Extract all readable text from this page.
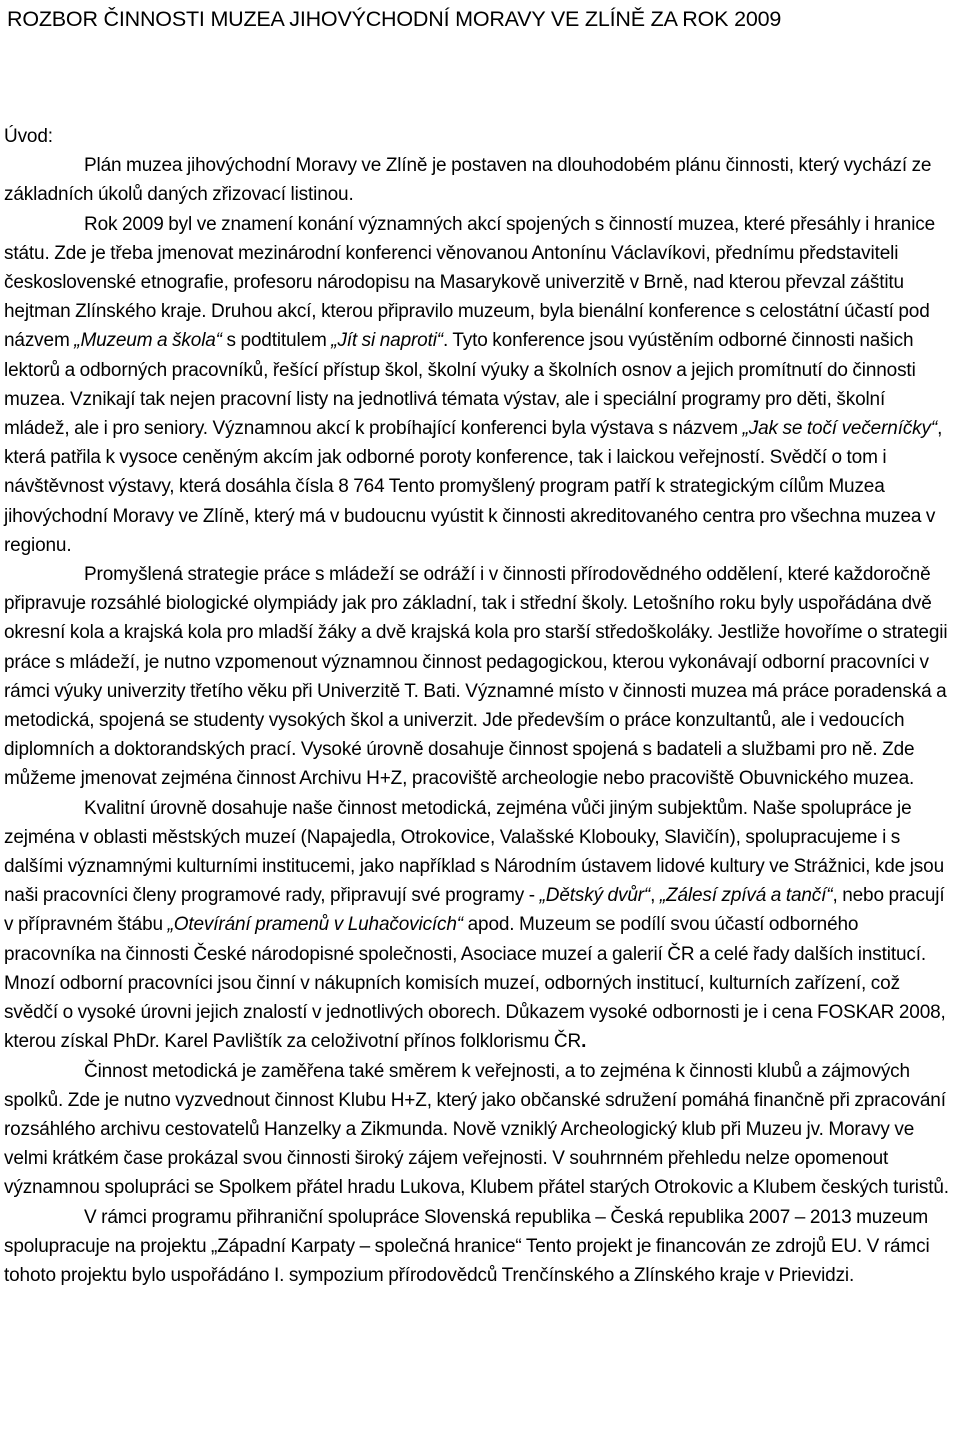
ROZBOR ČINNOSTI MUZEA JIHOVÝCHODNÍ MORAVY VE ZLÍNĚ ZA ROK 2009
Úvod:

Plán muzea jihovýchodní Moravy ve Zlíně je postaven na dlouhodobém plánu činnosti, který vychází ze základních úkolů daných zřizovací listinou.

Rok 2009 byl ve znamení konání významných akcí spojených s činností muzea, které přesáhly i hranice státu. Zde je třeba jmenovat mezinárodní konferenci věnovanou Antonínu Václavíkovi, přednímu představiteli československé etnografie, profesoru národopisu na Masarykově univerzitě v Brně, nad kterou převzal záštitu hejtman Zlínského kraje. Druhou akcí, kterou připravilo muzeum, byla bienální konference s celostátní účastí pod názvem „Muzeum a škola“ s podtitulem „Jít si naproti“. Tyto konference jsou vyústěním odborné činnosti našich lektorů a odborných pracovníků, řešící přístup škol, školní výuky a školních osnov a jejich promítnutí do činnosti muzea. Vznikají tak nejen pracovní listy na jednotlivá témata výstav, ale i speciální programy pro děti, školní mládež, ale i pro seniory. Významnou akcí k probíhající konferenci byla výstava s názvem „Jak se točí večerníčky“, která patřila k vysoce ceněným akcím jak odborné poroty konference, tak i laickou veřejností. Svědčí o tom i návštěvnost výstavy, která dosáhla čísla 8 764 Tento promyšlený program patří k strategickým cílům Muzea jihovýchodní Moravy ve Zlíně, který má v budoucnu vyústit k činnosti akreditovaného centra pro všechna muzea v regionu.

Promyšlená strategie práce s mládeží se odráží i v činnosti přírodovědného oddělení, které každoročně připravuje rozsáhlé biologické olympiády jak pro základní, tak i střední školy. Letošního roku byly uspořádána dvě okresní kola a krajská kola pro mladší žáky a dvě krajská kola pro starší středoškoláky. Jestliže hovoříme o strategii práce s mládeží, je nutno vzpomenout významnou činnost pedagogickou, kterou vykonávají odborní pracovníci v rámci výuky univerzity třetího věku při Univerzitě T. Bati. Významné místo v činnosti muzea má práce poradenská a metodická, spojená se studenty vysokých škol a univerzit. Jde především o práce konzultantů, ale i vedoucích diplomních a doktorandských prací. Vysoké úrovně dosahuje činnost spojená s badateli a službami pro ně. Zde můžeme jmenovat zejména činnost Archivu H+Z, pracoviště archeologie nebo pracoviště Obuvnického muzea.

Kvalitní úrovně dosahuje naše činnost metodická, zejména vůči jiným subjektům. Naše spolupráce je zejména v oblasti městských muzeí (Napajedla, Otrokovice, Valašské Klobouky, Slavičín), spolupracujeme i s dalšími významnými kulturními institucemi, jako například s Národním ústavem lidové kultury ve Strážnici, kde jsou naši pracovníci členy programové rady, připravují své programy - „Dětský dvůr“, „Zálesí zpívá a tančí“, nebo pracují v přípravném štábu „Otevírání pramenů v Luhačovicích“ apod. Muzeum se podílí svou účastí odborného pracovníka na činnosti České národopisné společnosti, Asociace muzeí a galerií ČR a celé řady dalších institucí. Mnozí odborní pracovníci jsou činní v nákupních komisích muzeí, odborných institucí, kulturních zařízení, což svědčí o vysoké úrovni jejich znalostí v jednotlivých oborech. Důkazem vysoké odbornosti je i cena FOSKAR 2008, kterou získal PhDr. Karel Pavlištík za celoživotní přínos folklorismu ČR.

Činnost metodická je zaměřena také směrem k veřejnosti, a to zejména k činnosti klubů a zájmových spolků. Zde je nutno vyzvednout činnost Klubu H+Z, který jako občanské sdružení pomáhá finančně při zpracování rozsáhlého archivu cestovatelů Hanzelky a Zikmunda. Nově vzniklý Archeologický klub při Muzeu jv. Moravy ve velmi krátkém čase prokázal svou činnosti široký zájem veřejnosti. V souhrnném přehledu nelze opomenout významnou spolupráci se Spolkem přátel hradu Lukova, Klubem přátel starých Otrokovic a Klubem českých turistů.

V rámci programu přihraniční spolupráce Slovenská republika – Česká republika 2007 – 2013 muzeum spolupracuje na projektu „Západní Karpaty – společná hranice“ Tento projekt je financován ze zdrojů EU. V rámci tohoto projektu bylo uspořádáno I. sympozium přírodovědců Trenčínského a Zlínského kraje v Prievidzi.
